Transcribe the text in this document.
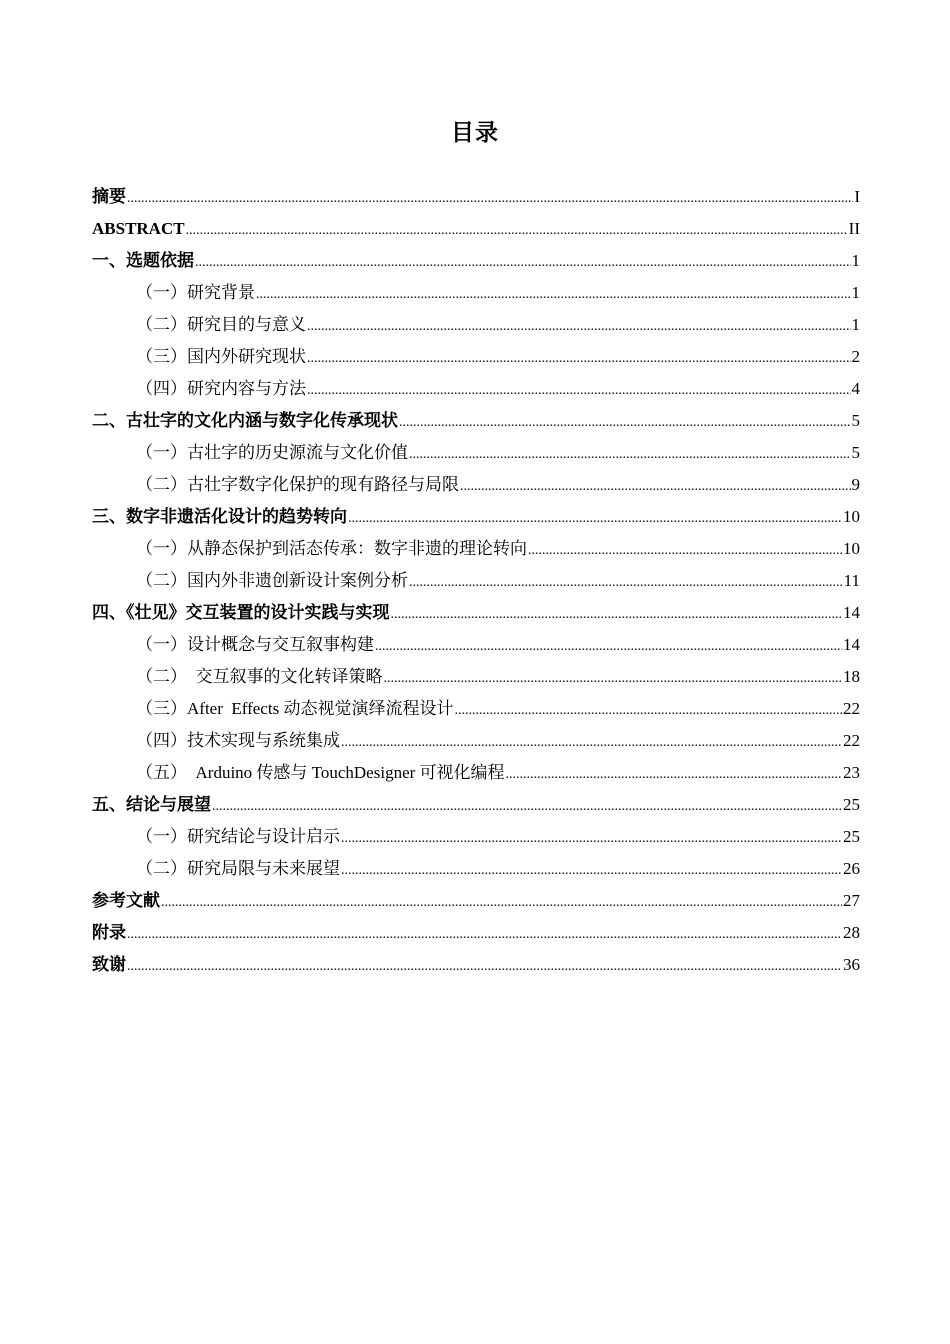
目录
摘要 .....	I
ABSTRACT .....	II
一、选题依据 .....	1
（一）研究背景 .....	1
（二）研究目的与意义 .....	1
（三）国内外研究现状 .....	2
（四）研究内容与方法 .....	4
二、古壮字的文化内涵与数字化传承现状 .....	5
（一）古壮字的历史源流与文化价值 .....	5
（二）古壮字数字化保护的现有路径与局限 .....	9
三、数字非遗活化设计的趋势转向 .....	10
（一）从静态保护到活态传承：数字非遗的理论转向 .....	10
（二）国内外非遗创新设计案例分析 .....	11
四、《壮见》交互装置的设计实践与实现 .....	14
（一）设计概念与交互叙事构建 .....	14
（二）  交互叙事的文化转译策略 .....	18
（三）After  Effects 动态视觉演绎流程设计 .....	22
（四）技术实现与系统集成 .....	22
（五）  Arduino 传感与 TouchDesigner 可视化编程 .....	23
五、结论与展望 .....	25
（一）研究结论与设计启示 .....	25
（二）研究局限与未来展望 .....	26
参考文献 .....	27
附录 .....	28
致谢 .....	36
